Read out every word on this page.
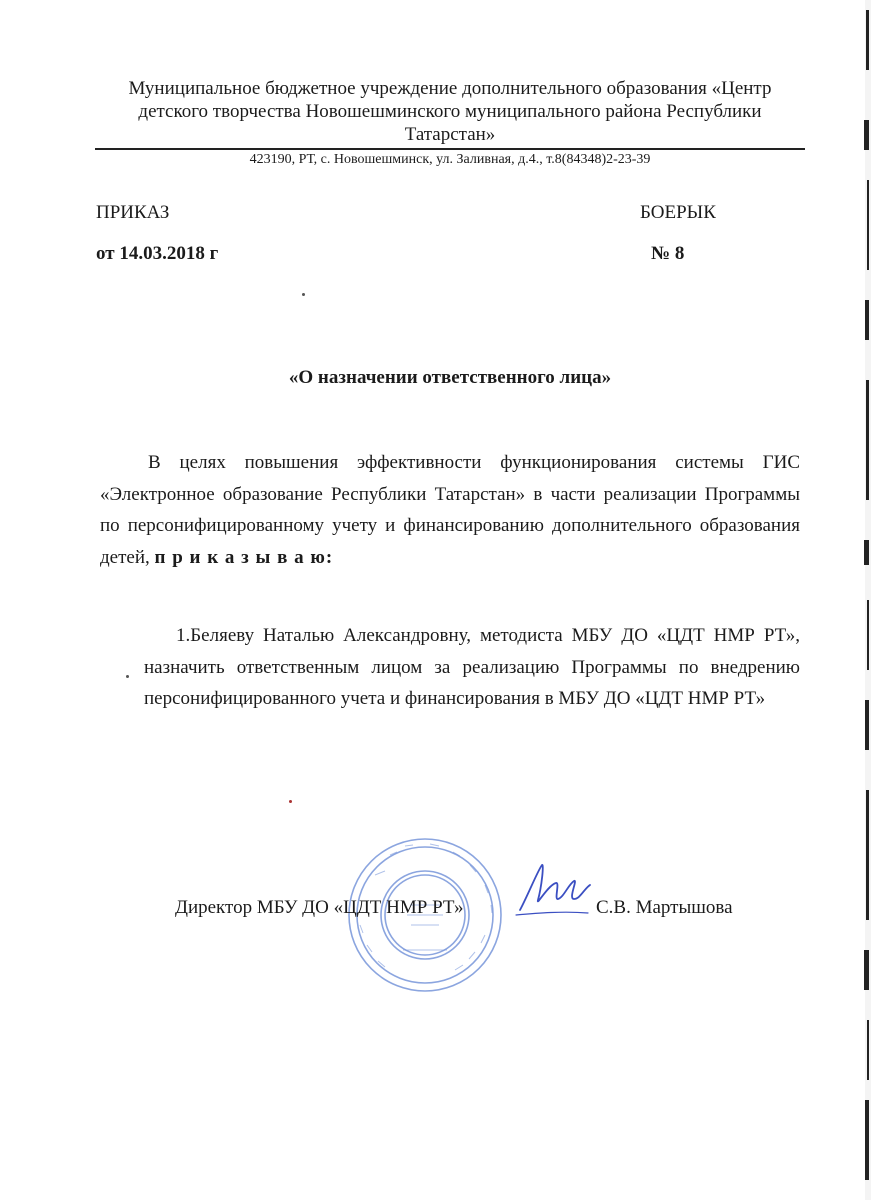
Муниципальное бюджетное учреждение дополнительного образования «Центр
детского творчества Новошешминского муниципального района Республики
Татарстан»
423190, РТ, с. Новошешминск, ул. Заливная, д.4., т.8(84348)2-23-39
ПРИКАЗ	БОЕРЫК
от 14.03.2018 г	№ 8
«О назначении ответственного лица»
В целях повышения эффективности функционирования системы ГИС «Электронное образование Республики Татарстан» в части реализации Программы по персонифицированному учету и финансированию дополнительного образования детей, п р и к а з ы в а ю:
1.Беляеву Наталью Александровну, методиста МБУ ДО «ЦДТ НМР РТ», назначить ответственным лицом за реализацию Программы по внедрению персонифицированного учета и финансирования в МБУ ДО «ЦДТ НМР РТ»
Директор МБУ ДО «ЦДТ НМР РТ»	С.В. Мартышова
